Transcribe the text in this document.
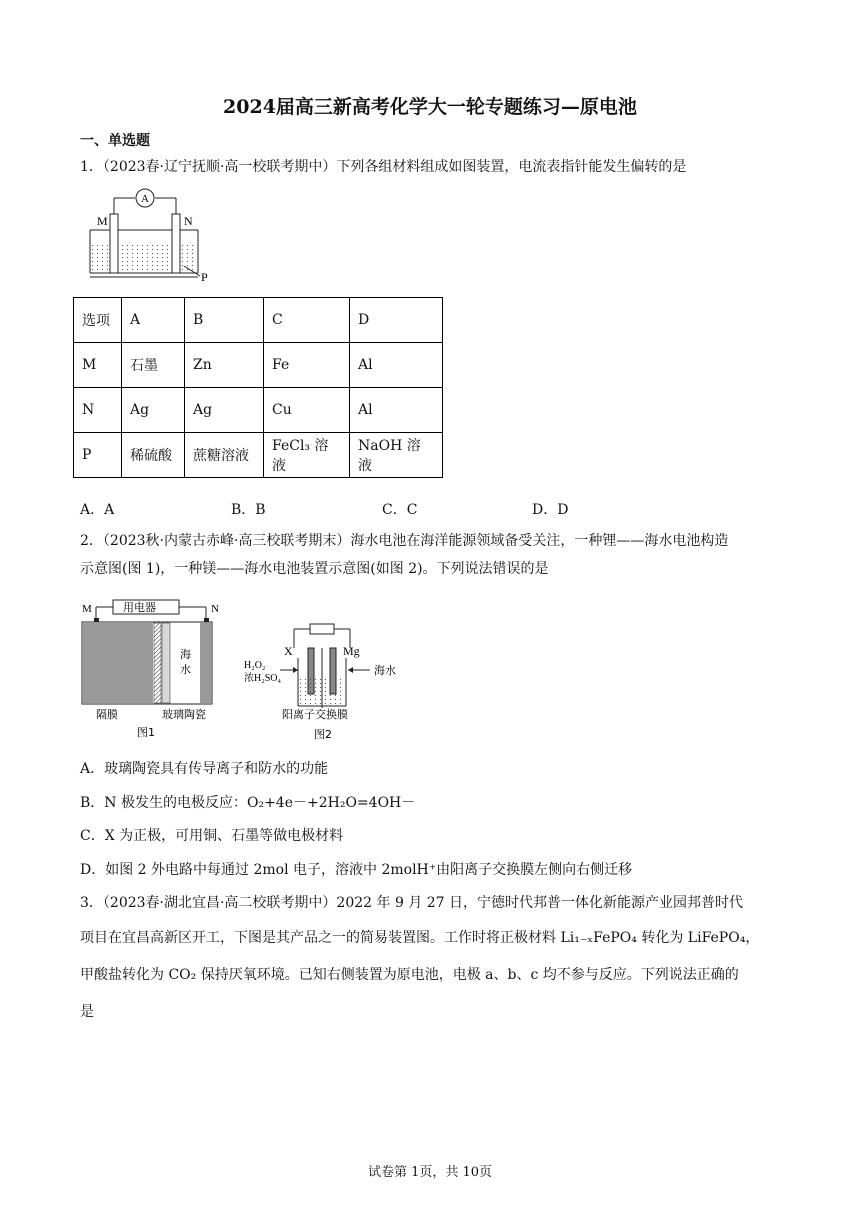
2024届高三新高考化学大一轮专题练习—原电池
一、单选题
1．（2023春·辽宁抚顺·高一校联考期中）下列各组材料组成如图装置，电流表指针能发生偏转的是
A
M	N
P
选项	A	B	C	D
M	石墨	Zn	Fe	Al
N	Ag	Ag	Cu	Al
P	稀硫酸	蔗糖溶液	FeCl₃ 溶液	NaOH 溶液
A．A	B．B	C．C	D．D
2．（2023秋·内蒙古赤峰·高三校联考期末）海水电池在海洋能源领域备受关注，一种锂——海水电池构造
示意图(图 1)，一种镁——海水电池装置示意图(如图 2)。下列说法错误的是
用电器
M	N
海
水
隔膜	玻璃陶瓷
图1
X	Mg
H₂O₂
浓H₂SO₄
海水
阳离子交换膜
图2
A．玻璃陶瓷具有传导离子和防水的功能
B．N 极发生的电极反应：O₂+4e－+2H₂O=4OH－
C．X 为正极，可用铜、石墨等做电极材料
D．如图 2 外电路中每通过 2mol 电子，溶液中 2molH⁺由阳离子交换膜左侧向右侧迁移
3．（2023春·湖北宜昌·高二校联考期中）2022 年 9 月 27 日，宁德时代邦普一体化新能源产业园邦普时代
项目在宜昌高新区开工，下图是其产品之一的简易装置图。工作时将正极材料 Li₁₋ₓFePO₄ 转化为 LiFePO₄，
甲酸盐转化为 CO₂ 保持厌氧环境。已知右侧装置为原电池，电极 a、b、c 均不参与反应。下列说法正确的
是
试卷第 1页，共 10页
